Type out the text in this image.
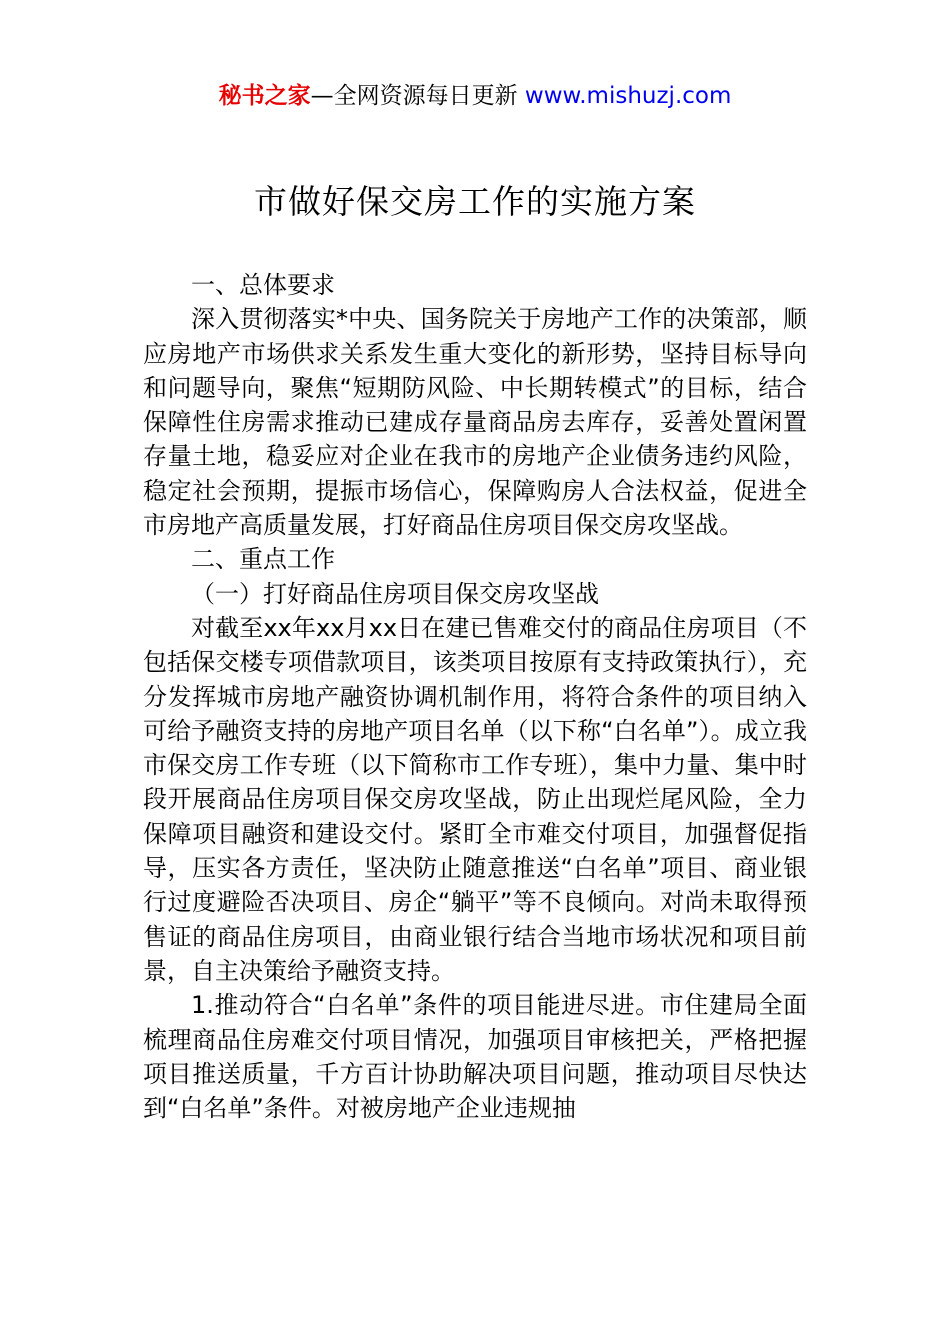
秘书之家—全网资源每日更新 www.mishuzj.com
市做好保交房工作的实施方案

一、总体要求

深入贯彻落实*中央、国务院关于房地产工作的决策部，顺应房地产市场供求关系发生重大变化的新形势，坚持目标导向和问题导向，聚焦“短期防风险、中长期转模式”的目标，结合保障性住房需求推动已建成存量商品房去库存，妥善处置闲置存量土地，稳妥应对企业在我市的房地产企业债务违约风险，稳定社会预期，提振市场信心，保障购房人合法权益，促进全市房地产高质量发展，打好商品住房项目保交房攻坚战。

二、重点工作

（一）打好商品住房项目保交房攻坚战

对截至xx年xx月xx日在建已售难交付的商品住房项目（不包括保交楼专项借款项目，该类项目按原有支持政策执行），充分发挥城市房地产融资协调机制作用，将符合条件的项目纳入可给予融资支持的房地产项目名单（以下称“白名单”）。成立我市保交房工作专班（以下简称市工作专班），集中力量、集中时段开展商品住房项目保交房攻坚战，防止出现烂尾风险，全力保障项目融资和建设交付。紧盯全市难交付项目，加强督促指导，压实各方责任，坚决防止随意推送“白名单”项目、商业银行过度避险否决项目、房企“躺平”等不良倾向。对尚未取得预售证的商品住房项目，由商业银行结合当地市场状况和项目前景，自主决策给予融资支持。

1.推动符合“白名单”条件的项目能进尽进。市住建局全面梳理商品住房难交付项目情况，加强项目审核把关，严格把握项目推送质量，千方百计协助解决项目问题，推动项目尽快达到“白名单”条件。对被房地产企业违规抽
